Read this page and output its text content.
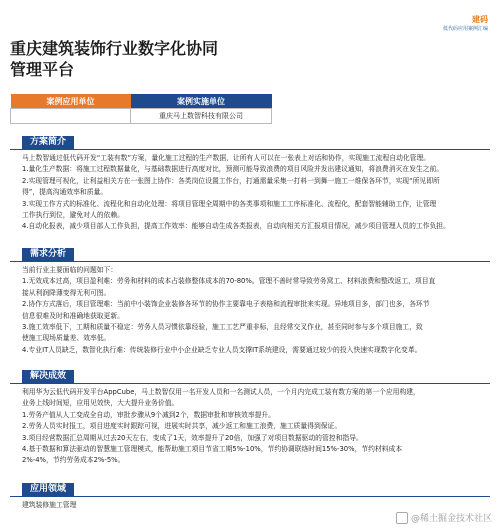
建码
低代码应用案例汇编
重庆建筑装饰行业数字化协同
管理平台
案例应用单位	案例实施单位
	重庆马上数智科技有限公司
方案简介

马上数智通过低代码开发“工装有数”方案，量化施工过程的生产数据，让所有人可以在一张表上对话和协作，实现施工流程自动化管理。

1.量化生产数据：将施工过程数据量化，与基础数据进行高度对比，预测可能导致浪费的项目风险并发出建议通知，将浪费消灭在发生之前。

2.实现管理可视化，让利益相关方在一张图上协作：各类岗位设置工作台，打通需量采集一打料一到舞一施工一维保各环节，实现“所见即所

得”，提高沟通效率和质量。

3.实现工作方式的标准化、流程化和自动化处理：将项目管理全周期中的各类事项和施工工序标准化、流程化，配套智能辅助工作，让管理

工作执行到位，避免对人的依赖。

4.自动化报表，减少项目部人工作负担，提高工作效率：能够自动生成各类报表，自动向相关方汇报项目情况，减少项目管理人员的工作负担。

需求分析

当前行业主要面临的问题如下：

1.无效成本过高，项目盈利难：劳务和材料的成本占装修整体成本的70-80%。管理不善时常导致劳务窝工、材料浪费和整改返工，项目直

接从利润降薄变得无利可图。

2.协作方式落后，项目管理难：当前中小装饰企业装修各环节的协作主要靠电子表格和流程审批来实现。异地项目多，部门也多，各环节

信息很难及时和准确地获取更新。

3.施工效率低下，工期和质量不稳定：劳务人员习惯依靠经验，施工工艺严重非标，且经常交叉作业，甚至同时参与多个项目施工，致

使施工现场质量差、效率低。

4.专业IT人员缺乏，数智化执行难：传统装修行业中小企业缺乏专业人员支撑IT系统建设，需要通过较少的投入快速实现数字化变革。

解决成效

利用华为云低代码开发平台AppCube，马上数智仅用一名开发人员和一名测试人员，一个月内完成工装有数方案的第一个应用构建，

业务上线时间短，应用见效快，大大提升业务价值。

1.劳务产值从人工变成全自动，审批步骤从9个减到2个，数据审批和审核效率提升。

2.劳务人员实时报工，项目进度实时跟踪可视，进展实时共享，减少返工和施工浪费，施工质量得到保证。

3.项目经营数据汇总周期从过去20天左右，变成了1天，效率提升了20倍，加强了对项目数据驱动的管控和指导。

4.基于数据和算法驱动的智慧施工管理模式，能帮助施工项目节省工期5%-10%，节约协调联络时间15%-30%，节约材料成本

2%-4%，节约劳务成本2%-5%。

应用领域

建筑装修施工管理

@稀土掘金技术社区
